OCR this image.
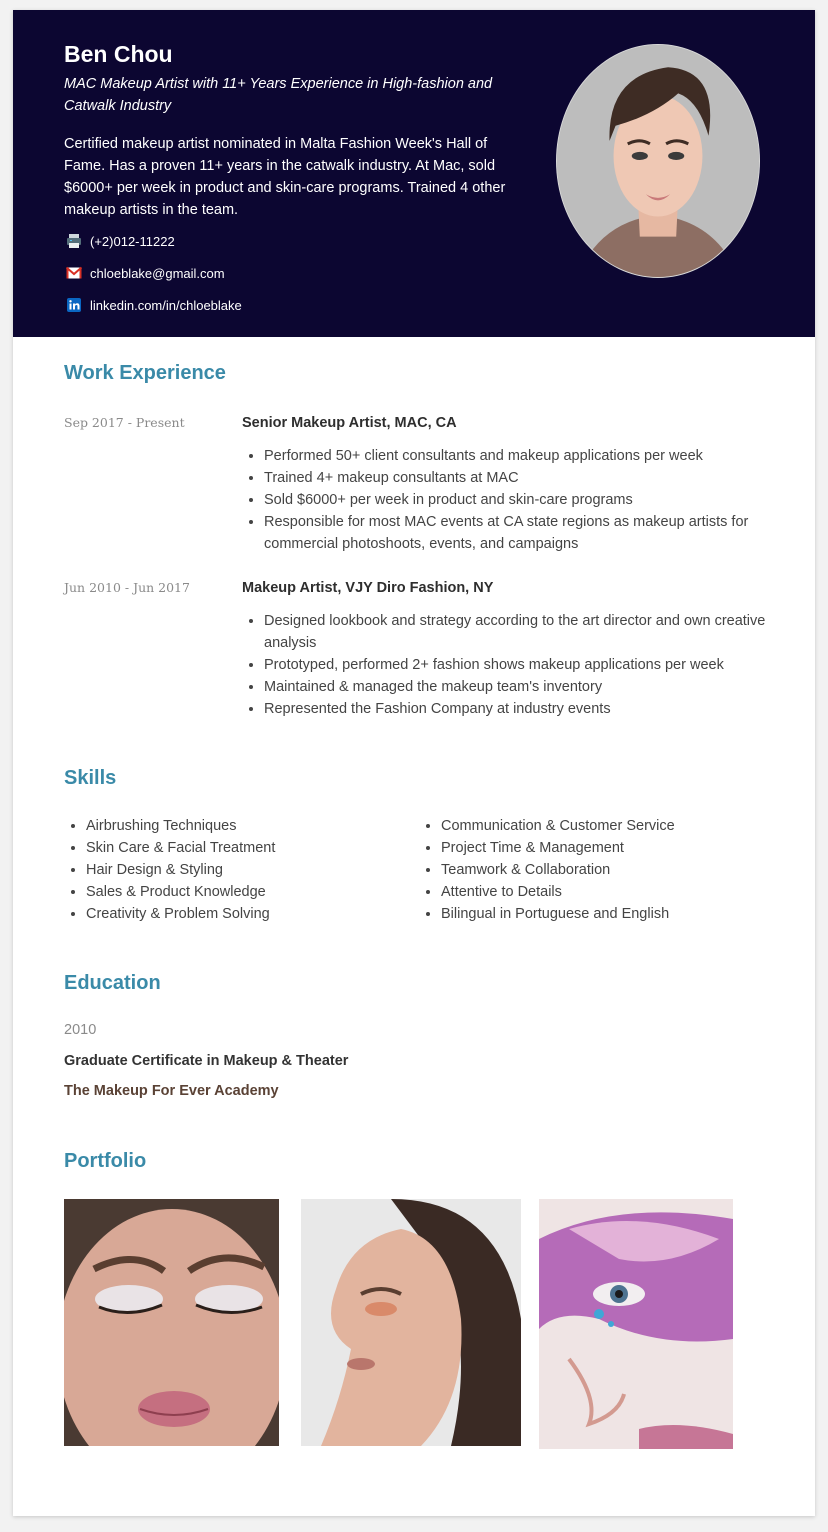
Ben Chou
MAC Makeup Artist with 11+ Years Experience in High-fashion and Catwalk Industry
Certified makeup artist nominated in Malta Fashion Week's Hall of Fame. Has a proven 11+ years in the catwalk industry. At Mac, sold $6000+ per week in product and skin-care programs. Trained 4 other makeup artists in the team.
(+2)012-11222
chloeblake@gmail.com
linkedin.com/in/chloeblake
Work Experience
Sep 2017 - Present	Senior Makeup Artist, MAC, CA
• Performed 50+ client consultants and makeup applications per week
• Trained 4+ makeup consultants at MAC
• Sold $6000+ per week in product and skin-care programs
• Responsible for most MAC events at CA state regions as makeup artists for commercial photoshoots, events, and campaigns
Jun 2010 - Jun 2017	Makeup Artist, VJY Diro Fashion, NY
• Designed lookbook and strategy according to the art director and own creative analysis
• Prototyped, performed 2+ fashion shows makeup applications per week
• Maintained & managed the makeup team's inventory
• Represented the Fashion Company at industry events
Skills
• Airbrushing Techniques
• Skin Care & Facial Treatment
• Hair Design & Styling
• Sales & Product Knowledge
• Creativity & Problem Solving
• Communication & Customer Service
• Project Time & Management
• Teamwork & Collaboration
• Attentive to Details
• Bilingual in Portuguese and English
Education
2010
Graduate Certificate in Makeup & Theater
The Makeup For Ever Academy
Portfolio
